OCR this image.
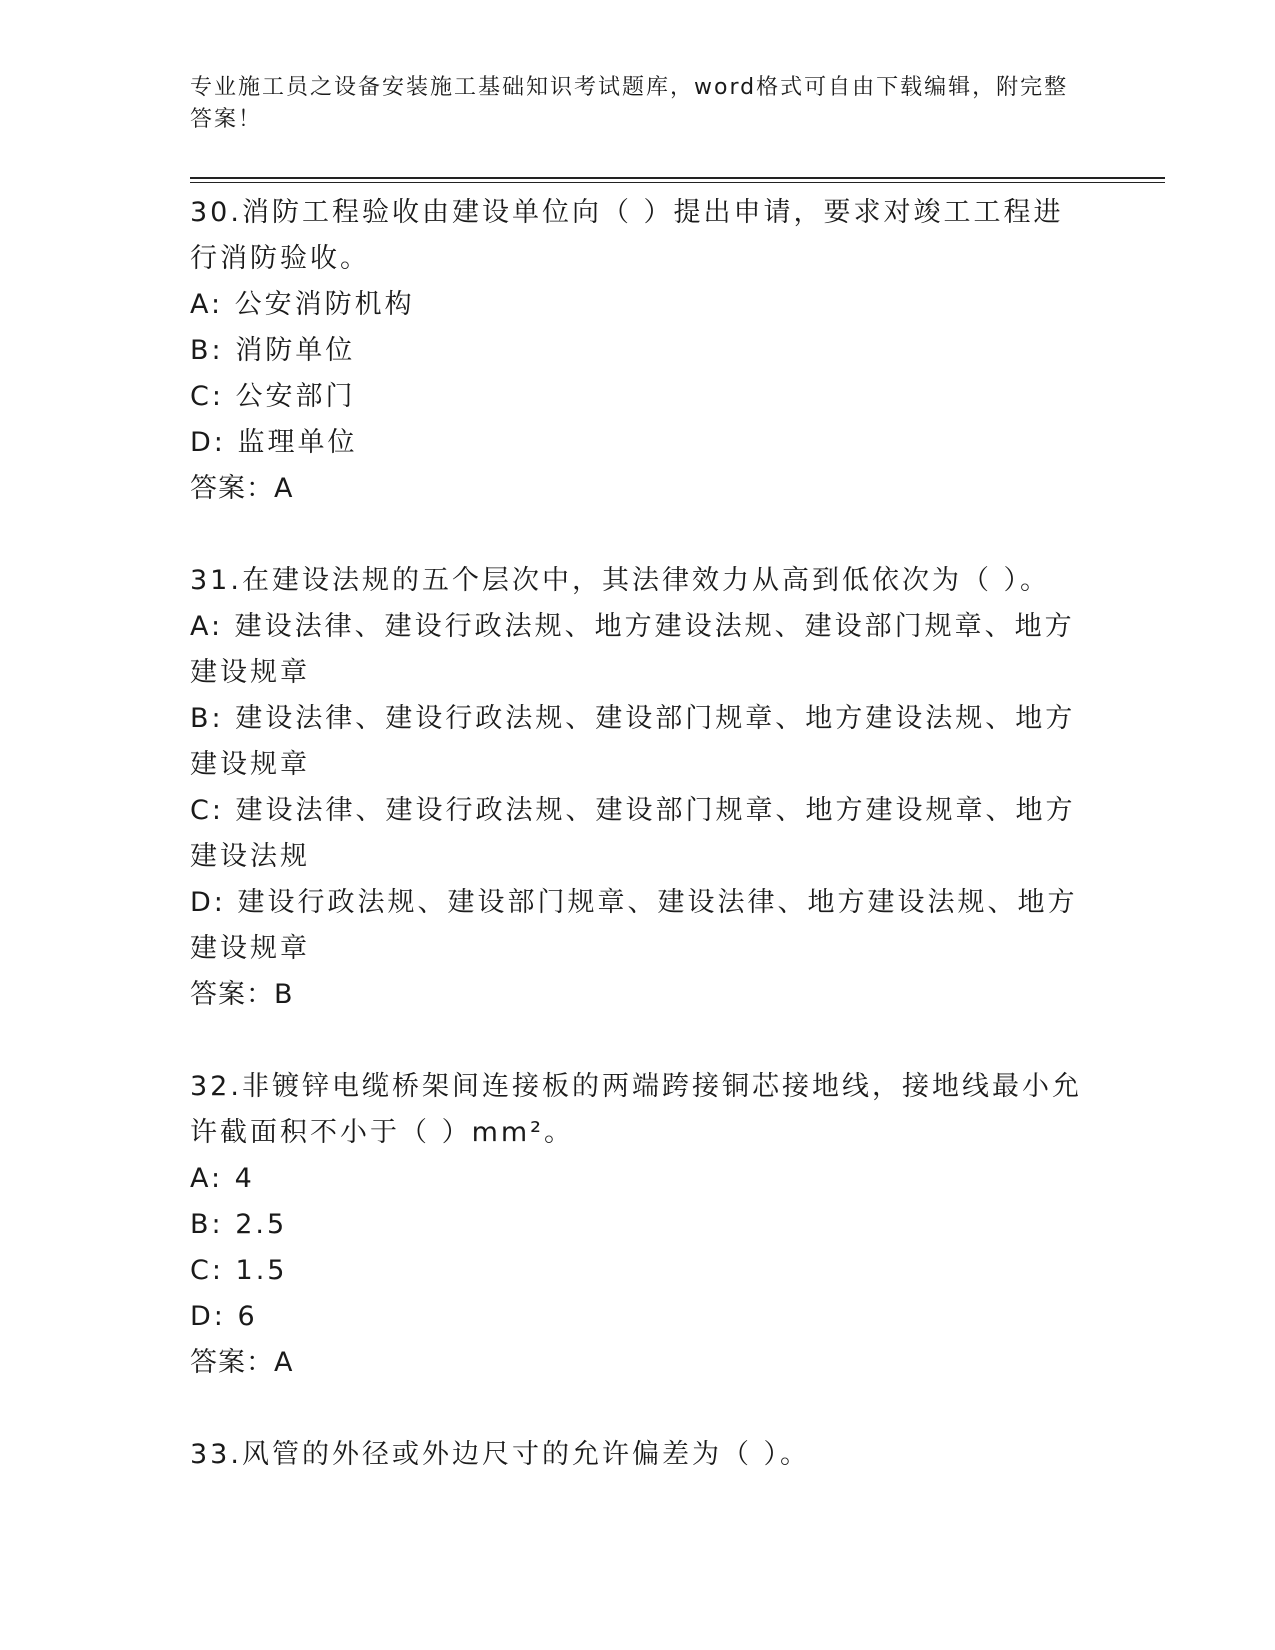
专业施工员之设备安装施工基础知识考试题库，word格式可自由下载编辑，附完整答案！
30.消防工程验收由建设单位向（ ）提出申请，要求对竣工工程进行消防验收。
A: 公安消防机构
B: 消防单位
C: 公安部门
D: 监理单位
答案：A
31.在建设法规的五个层次中，其法律效力从高到低依次为（ ）。
A: 建设法律、建设行政法规、地方建设法规、建设部门规章、地方建设规章
B: 建设法律、建设行政法规、建设部门规章、地方建设法规、地方建设规章
C: 建设法律、建设行政法规、建设部门规章、地方建设规章、地方建设法规
D: 建设行政法规、建设部门规章、建设法律、地方建设法规、地方建设规章
答案：B
32.非镀锌电缆桥架间连接板的两端跨接铜芯接地线，接地线最小允许截面积不小于（ ）mm²。
A: 4
B: 2.5
C: 1.5
D: 6
答案：A
33.风管的外径或外边尺寸的允许偏差为（ ）。
